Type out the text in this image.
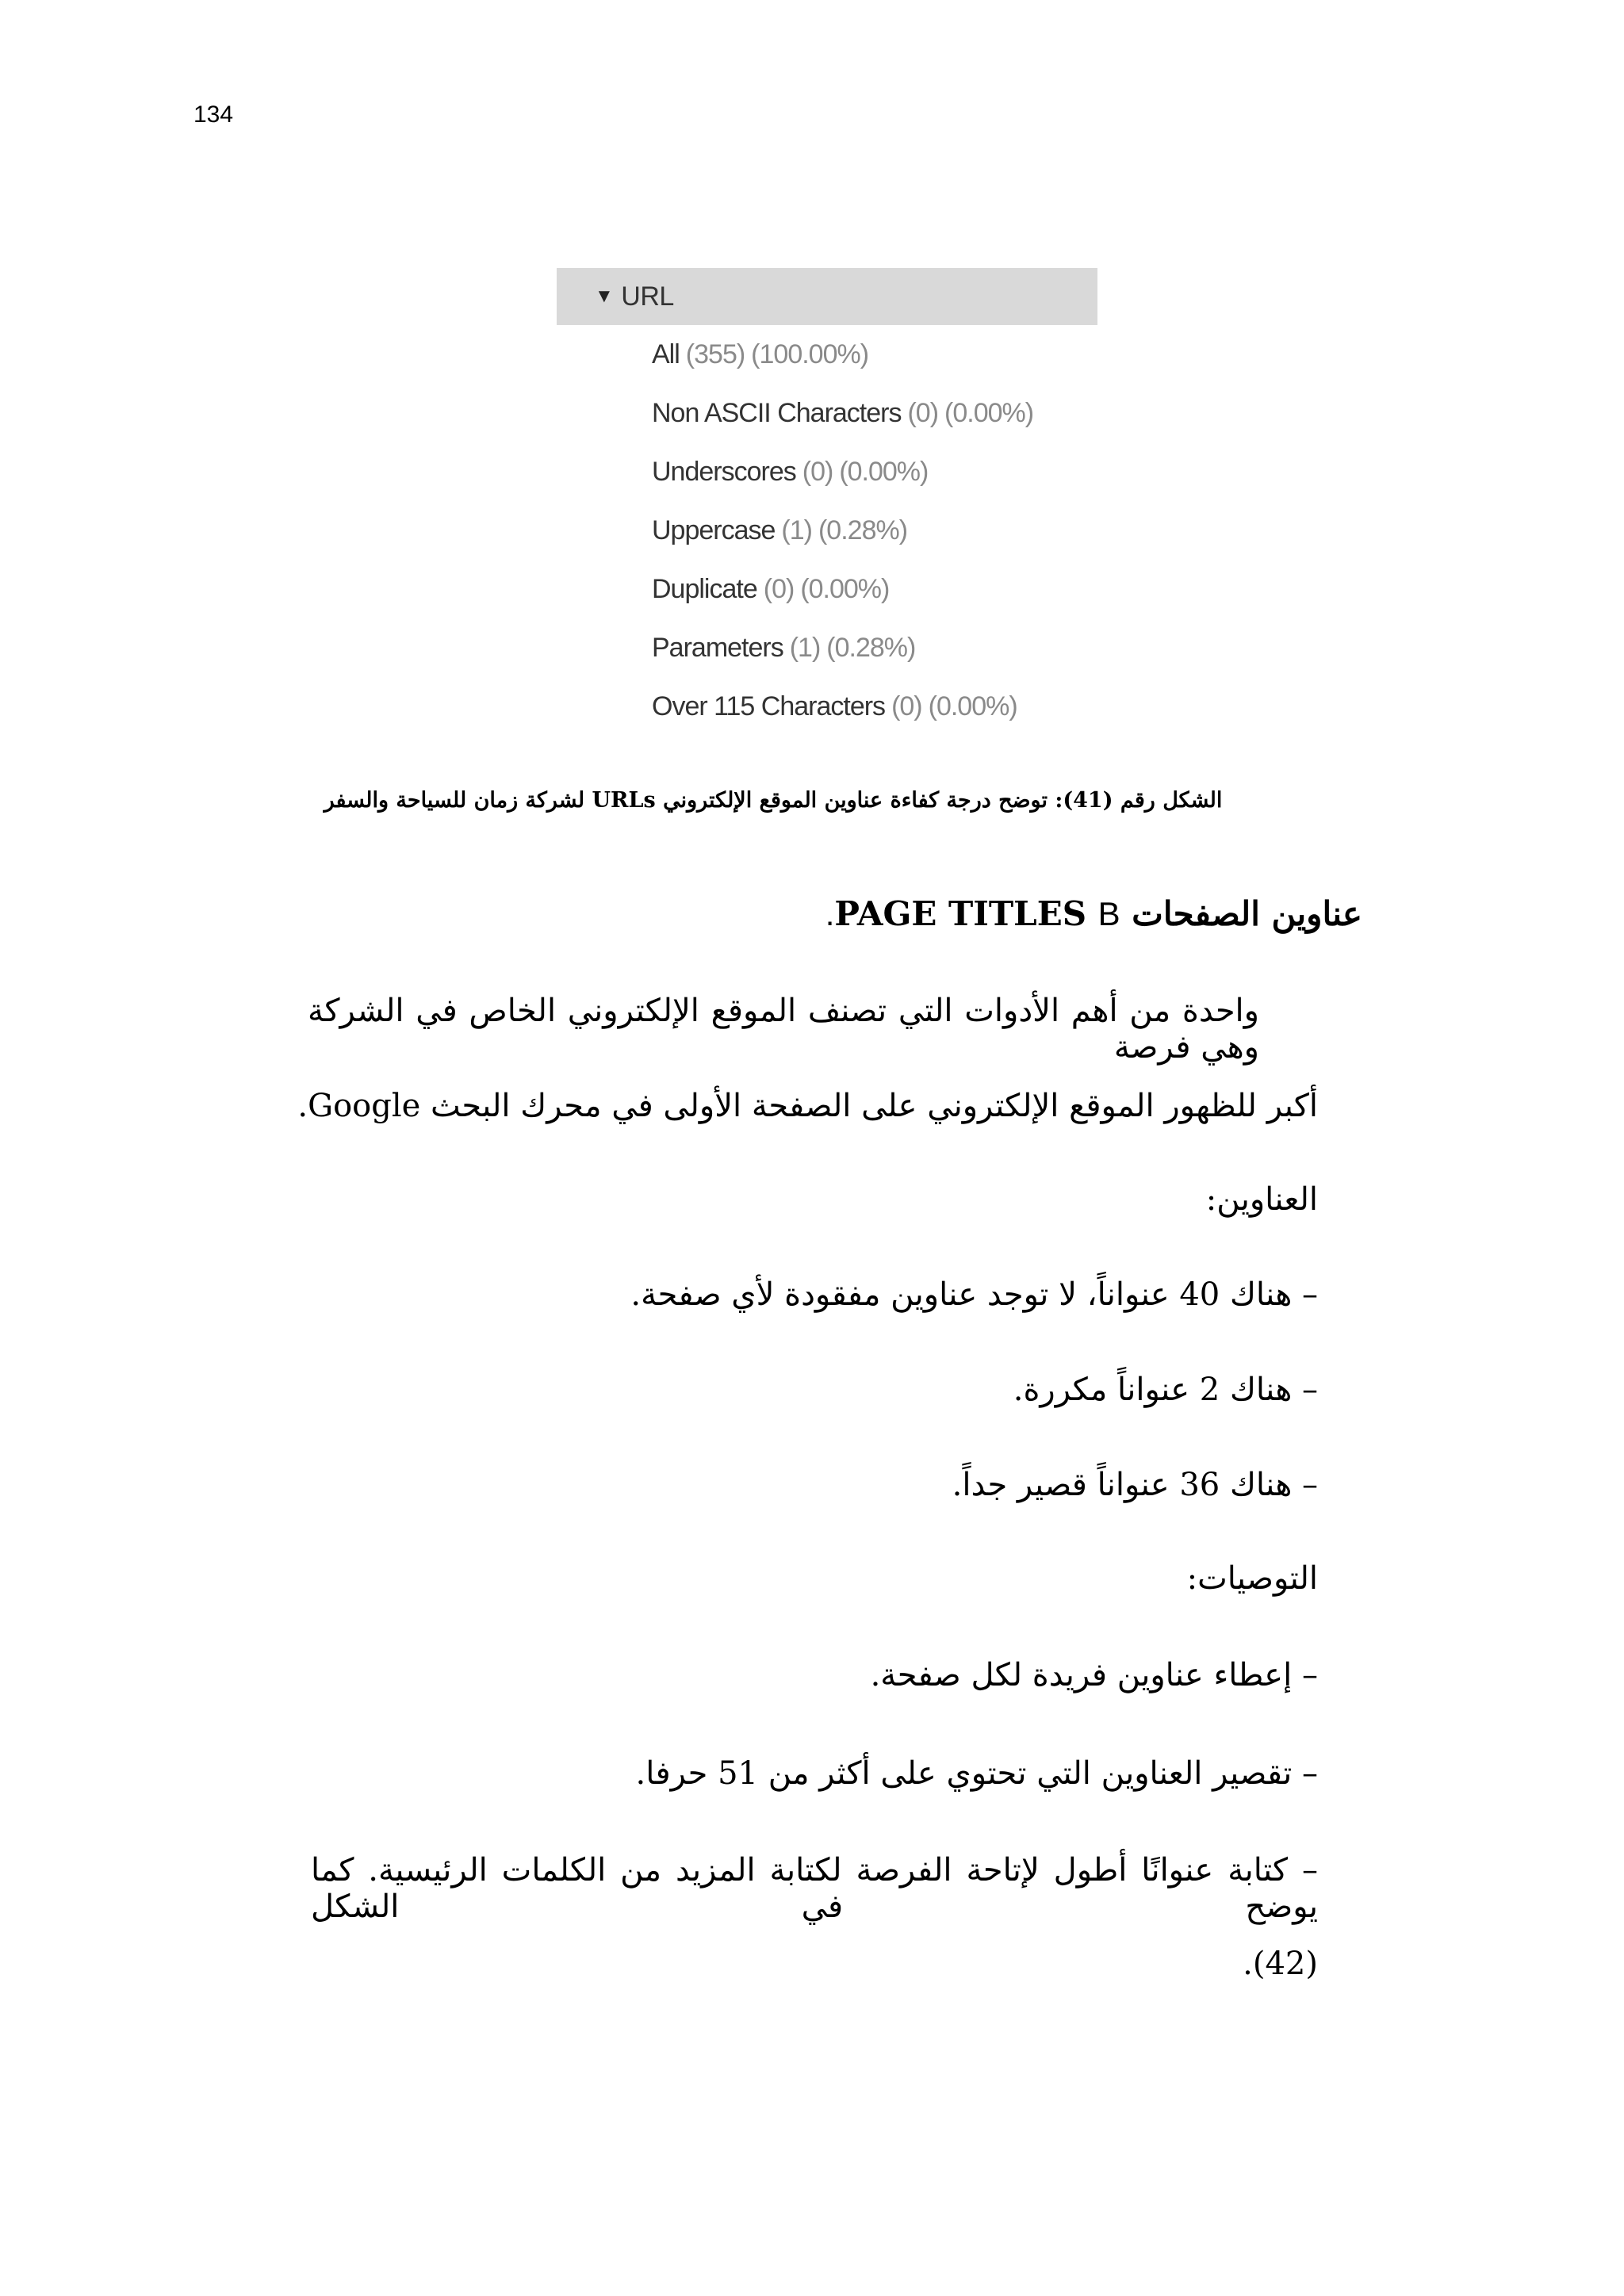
134
▼ URL
All (355) (100.00%)
Non ASCII Characters (0) (0.00%)
Underscores (0) (0.00%)
Uppercase (1) (0.28%)
Duplicate (0) (0.00%)
Parameters (1) (0.28%)
Over 115 Characters (0) (0.00%)
الشكل رقم (41): توضح درجة كفاءة عناوين الموقع الإلكتروني URLs لشركة زمان للسياحة والسفر
عناوين الصفحات PAGE TITLES B.
واحدة من أهم الأدوات التي تصنف الموقع الإلكتروني الخاص في الشركة وهي فرصة
أكبر للظهور الموقع الإلكتروني على الصفحة الأولى في محرك البحث Google.
العناوين:
– هناك 40 عنواناً، لا توجد عناوين مفقودة لأي صفحة.
– هناك 2 عنواناً مكررة.
– هناك 36 عنواناً قصير جداً.
التوصيات:
– إعطاء عناوين فريدة لكل صفحة.
– تقصير العناوين التي تحتوي على أكثر من 51 حرفا.
– كتابة عنوانًا أطول لإتاحة الفرصة لكتابة المزيد من الكلمات الرئيسية. كما يوضح في الشكل
(42).
